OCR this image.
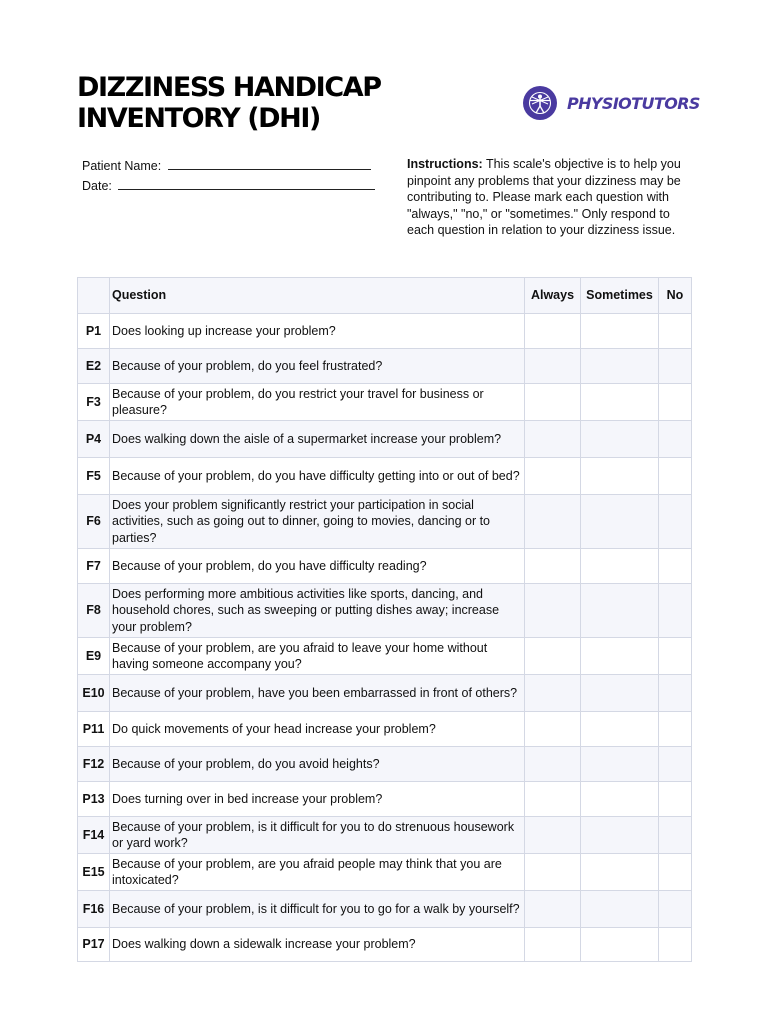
DIZZINESS HANDICAP INVENTORY (DHI)	PHYSIOTUTORS
Patient Name:
Date:
Instructions: This scale's objective is to help you pinpoint any problems that your dizziness may be contributing to. Please mark each question with "always," "no," or "sometimes." Only respond to each question in relation to your dizziness issue.
	Question	Always	Sometimes	No
P1	Does looking up increase your problem?			
E2	Because of your problem, do you feel frustrated?			
F3	Because of your problem, do you restrict your travel for business or pleasure?			
P4	Does walking down the aisle of a supermarket increase your problem?			
F5	Because of your problem, do you have difficulty getting into or out of bed?			
F6	Does your problem significantly restrict your participation in social activities, such as going out to dinner, going to movies, dancing or to parties?			
F7	Because of your problem, do you have difficulty reading?			
F8	Does performing more ambitious activities like sports, dancing, and household chores, such as sweeping or putting dishes away; increase your problem?			
E9	Because of your problem, are you afraid to leave your home without having someone accompany you?			
E10	Because of your problem, have you been embarrassed in front of others?			
P11	Do quick movements of your head increase your problem?			
F12	Because of your problem, do you avoid heights?			
P13	Does turning over in bed increase your problem?			
F14	Because of your problem, is it difficult for you to do strenuous housework or yard work?			
E15	Because of your problem, are you afraid people may think that you are intoxicated?			
F16	Because of your problem, is it difficult for you to go for a walk by yourself?			
P17	Does walking down a sidewalk increase your problem?			
